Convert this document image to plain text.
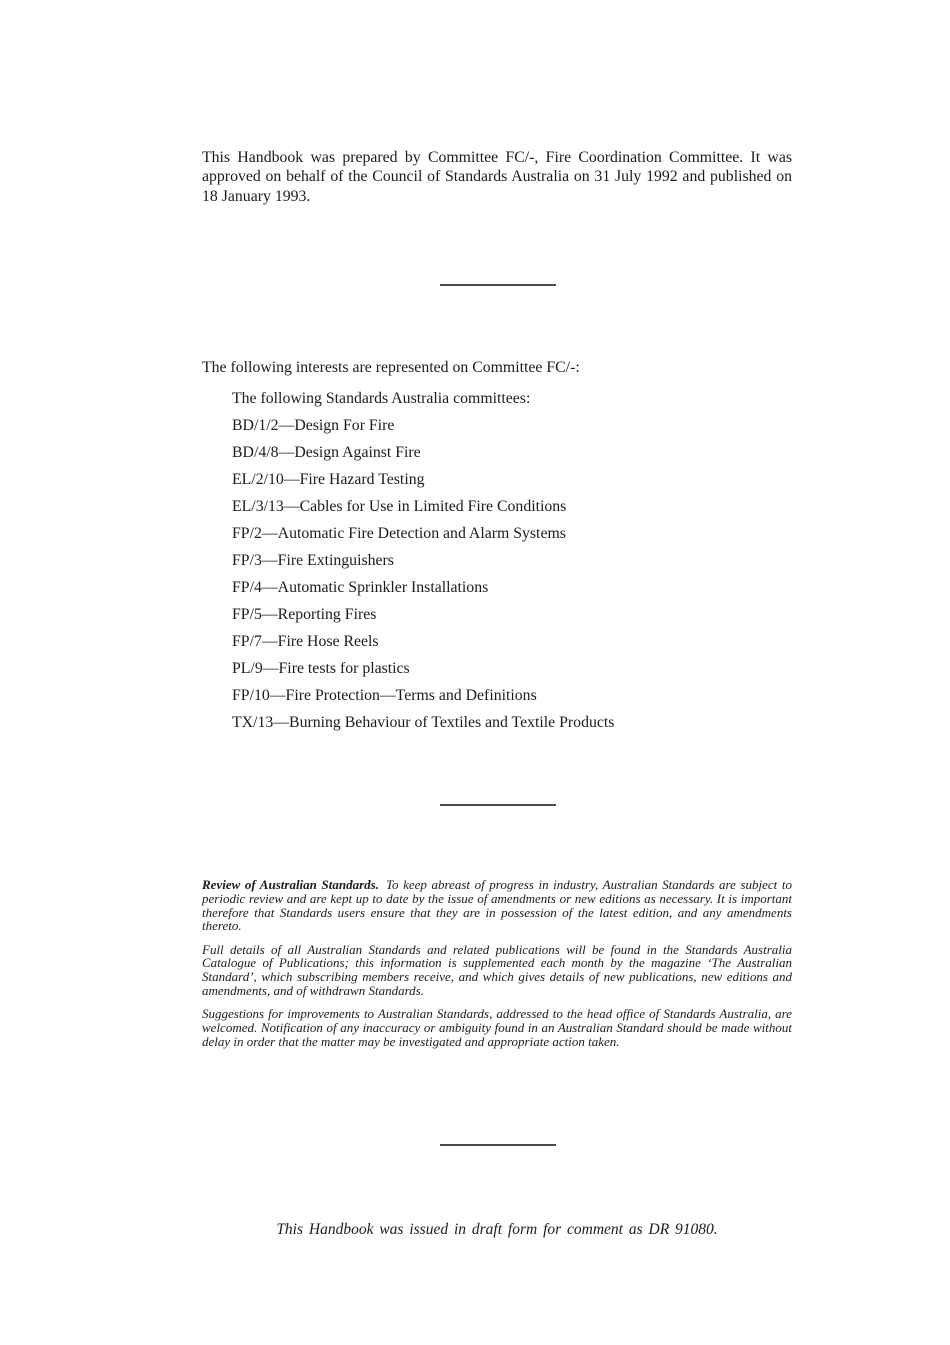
This Handbook was prepared by Committee FC/-, Fire Coordination Committee. It was approved on behalf of the Council of Standards Australia on 31 July 1992 and published on 18 January 1993.

The following interests are represented on Committee FC/-:
The following Standards Australia committees:
BD/1/2—Design For Fire
BD/4/8—Design Against Fire
EL/2/10—Fire Hazard Testing
EL/3/13—Cables for Use in Limited Fire Conditions
FP/2—Automatic Fire Detection and Alarm Systems
FP/3—Fire Extinguishers
FP/4—Automatic Sprinkler Installations
FP/5—Reporting Fires
FP/7—Fire Hose Reels
PL/9—Fire tests for plastics
FP/10—Fire Protection—Terms and Definitions
TX/13—Burning Behaviour of Textiles and Textile Products

Review of Australian Standards. To keep abreast of progress in industry, Australian Standards are subject to periodic review and are kept up to date by the issue of amendments or new editions as necessary. It is important therefore that Standards users ensure that they are in possession of the latest edition, and any amendments thereto.

Full details of all Australian Standards and related publications will be found in the Standards Australia Catalogue of Publications; this information is supplemented each month by the magazine ‘The Australian Standard’, which subscribing members receive, and which gives details of new publications, new editions and amendments, and of withdrawn Standards.

Suggestions for improvements to Australian Standards, addressed to the head office of Standards Australia, are welcomed. Notification of any inaccuracy or ambiguity found in an Australian Standard should be made without delay in order that the matter may be investigated and appropriate action taken.

This Handbook was issued in draft form for comment as DR 91080.
